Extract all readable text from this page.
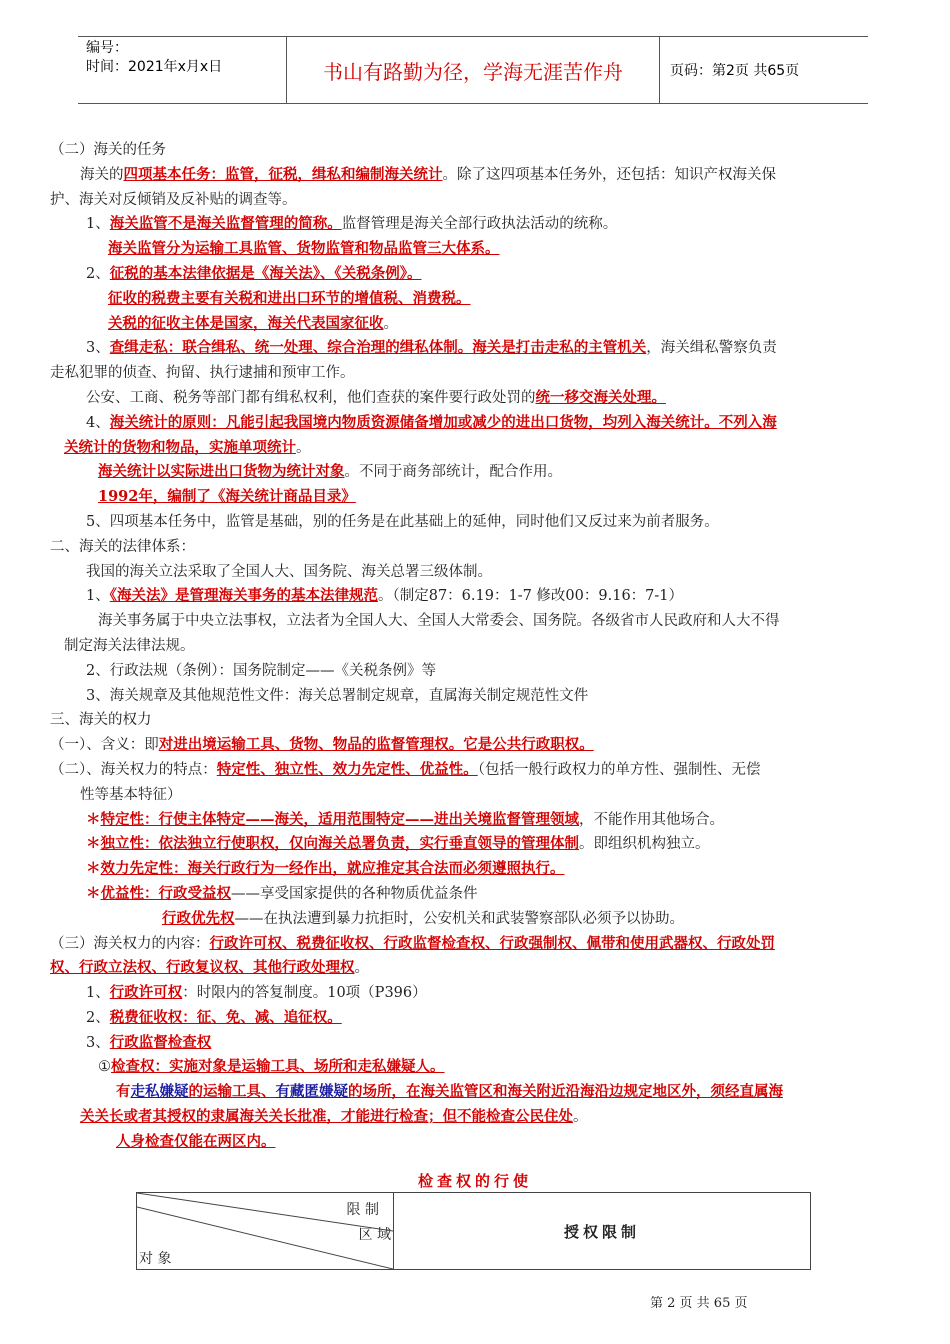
编号：
时间：2021年x月x日	书山有路勤为径，学海无涯苦作舟	页码：第2页 共65页
（二）海关的任务
海关的四项基本任务：监管，征税，缉私和编制海关统计。除了这四项基本任务外，还包括：知识产权海关保
护、海关对反倾销及反补贴的调查等。
1、海关监管不是海关监督管理的简称。监督管理是海关全部行政执法活动的统称。
海关监管分为运输工具监管、货物监管和物品监管三大体系。
2、征税的基本法律依据是《海关法》、《关税条例》。
征收的税费主要有关税和进出口环节的增值税、消费税。
关税的征收主体是国家，海关代表国家征收。
3、查缉走私：联合缉私、统一处理、综合治理的缉私体制。海关是打击走私的主管机关，海关缉私警察负责
走私犯罪的侦查、拘留、执行逮捕和预审工作。
公安、工商、税务等部门都有缉私权利，他们查获的案件要行政处罚的统一移交海关处理。
4、海关统计的原则：凡能引起我国境内物质资源储备增加或减少的进出口货物，均列入海关统计。不列入海
关统计的货物和物品，实施单项统计。
海关统计以实际进出口货物为统计对象。不同于商务部统计，配合作用。
1992年，编制了《海关统计商品目录》
5、四项基本任务中，监管是基础，别的任务是在此基础上的延伸，同时他们又反过来为前者服务。
二、海关的法律体系：
我国的海关立法采取了全国人大、国务院、海关总署三级体制。
1、《海关法》是管理海关事务的基本法律规范。（制定87：6.19：1-7 修改00：9.16：7-1）
海关事务属于中央立法事权，立法者为全国人大、全国人大常委会、国务院。各级省市人民政府和人大不得
制定海关法律法规。
2、行政法规（条例）：国务院制定——《关税条例》等
3、海关规章及其他规范性文件：海关总署制定规章，直属海关制定规范性文件
三、海关的权力
（一）、含义：即对进出境运输工具、货物、物品的监督管理权。它是公共行政职权。
（二）、海关权力的特点：特定性、独立性、效力先定性、优益性。（包括一般行政权力的单方性、强制性、无偿
性等基本特征）
＊特定性：行使主体特定——海关，适用范围特定——进出关境监督管理领域，不能作用其他场合。
＊独立性：依法独立行使职权，仅向海关总署负责，实行垂直领导的管理体制。即组织机构独立。
＊效力先定性：海关行政行为一经作出，就应推定其合法而必须遵照执行。
＊优益性：行政受益权——享受国家提供的各种物质优益条件
行政优先权——在执法遭到暴力抗拒时，公安机关和武装警察部队必须予以协助。
（三）海关权力的内容：行政许可权、税费征收权、行政监督检查权、行政强制权、佩带和使用武器权、行政处罚
权、行政立法权、行政复议权、其他行政处理权。
1、行政许可权：时限内的答复制度。10项（P396）
2、税费征收权：征、免、减、追征权。
3、行政监督检查权
①检查权：实施对象是运输工具、场所和走私嫌疑人。
有走私嫌疑的运输工具、有藏匿嫌疑的场所，在海关监管区和海关附近沿海沿边规定地区外，须经直属海
关关长或者其授权的隶属海关关长批准，才能进行检查；但不能检查公民住处。
人身检查仅能在两区内。
检查权的行使
限 制
区 域
对 象
授权限制
第 2 页 共 65 页
